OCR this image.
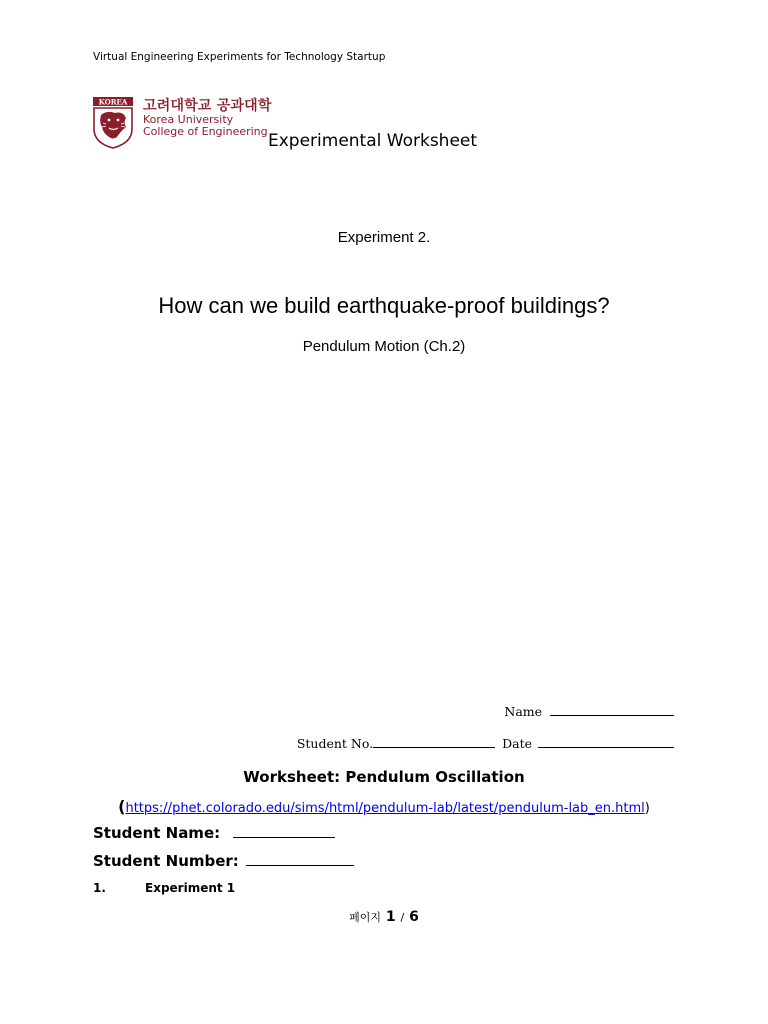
Virtual Engineering Experiments for Technology Startup
KOREA 고려대학교 공과대학
Korea University
College of Engineering Experimental Worksheet
Experiment 2.
How can we build earthquake-proof buildings?
Pendulum Motion (Ch.2)
Name
Student No.	Date
Worksheet: Pendulum Oscillation
(https://phet.colorado.edu/sims/html/pendulum-lab/latest/pendulum-lab_en.html)
Student Name:
Student Number:
1.	Experiment 1
페이지 1 / 6
